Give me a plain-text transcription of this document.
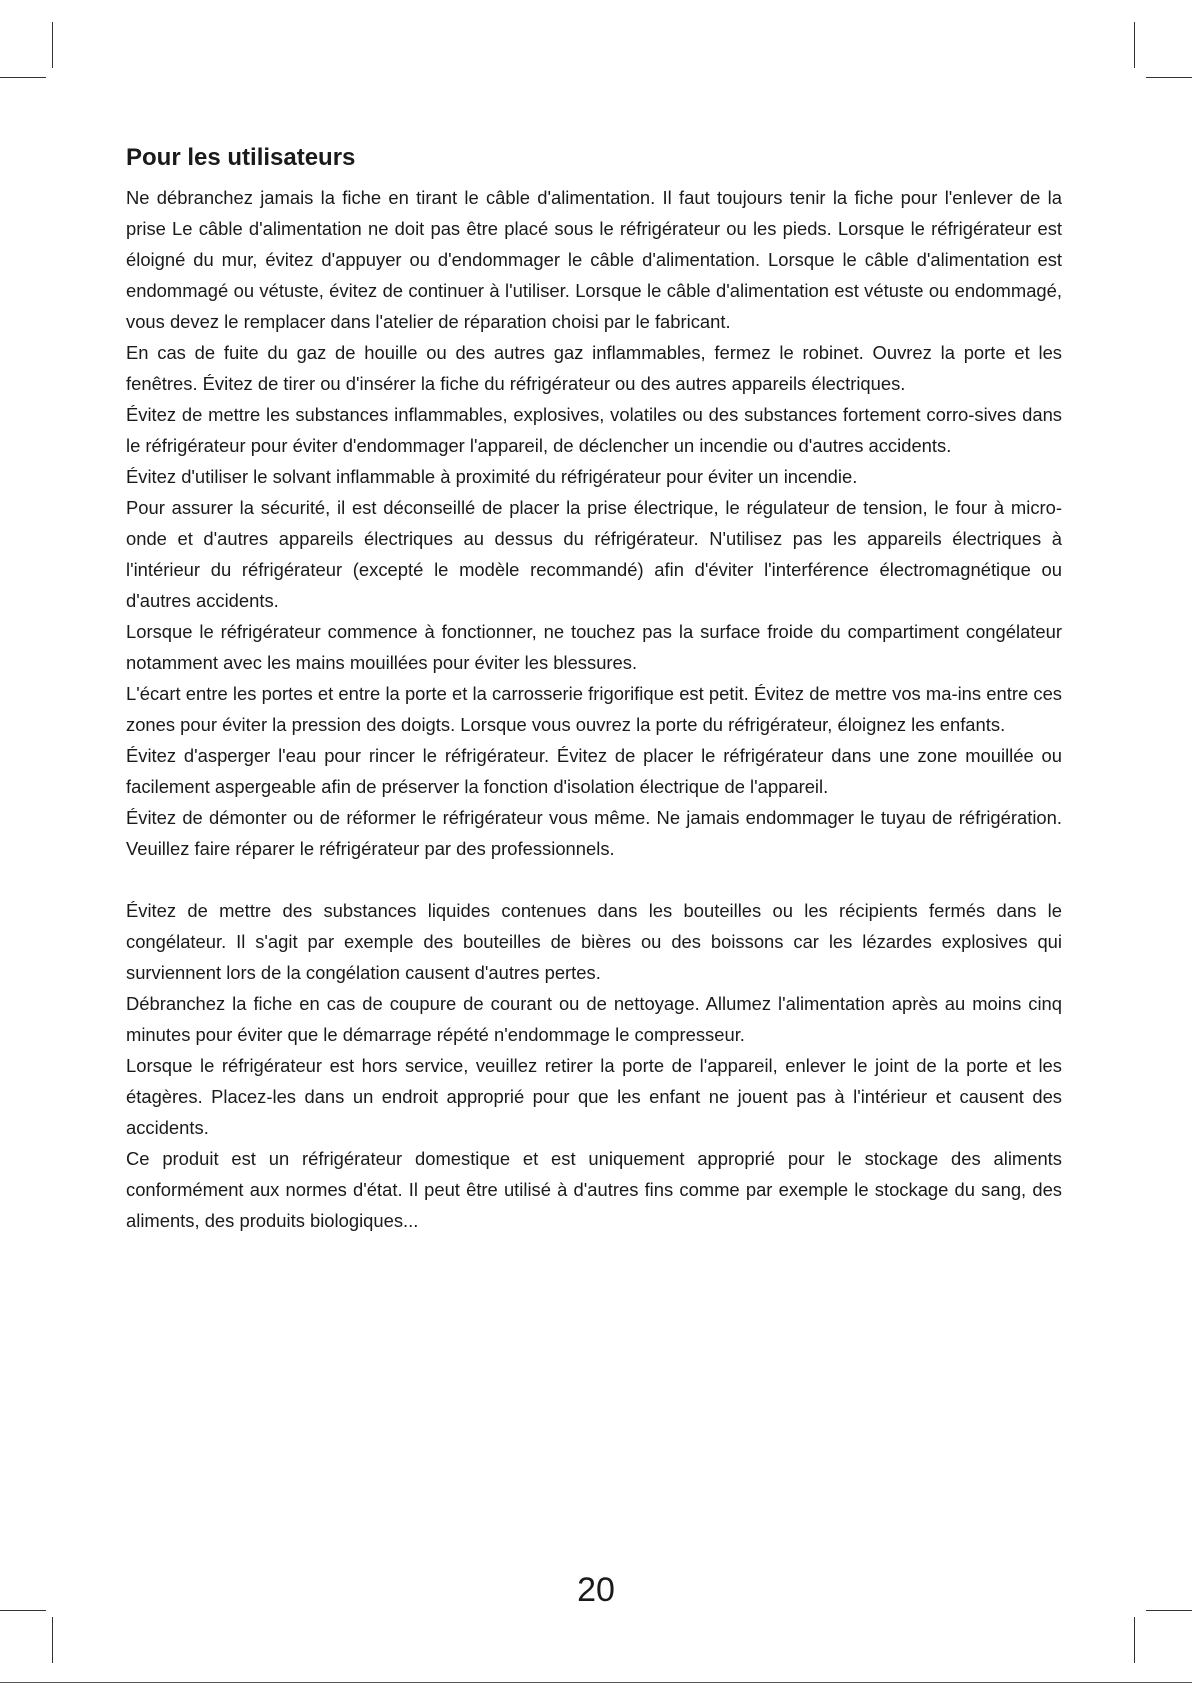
Pour les utilisateurs

Ne débranchez jamais la fiche en tirant le câble d'alimentation. Il faut toujours tenir la fiche pour l'enlever de la prise Le câble d'alimentation ne doit pas être placé sous le réfrigérateur ou les pieds. Lorsque le réfrigérateur est éloigné du mur, évitez d'appuyer ou d'endommager le câble d'alimentation. Lorsque le câble d'alimentation est endommagé ou vétuste, évitez de continuer à l'utiliser. Lorsque le câble d'alimentation est vétuste ou endommagé, vous devez le remplacer dans l'atelier de réparation choisi par le fabricant.

En cas de fuite du gaz de houille ou des autres gaz inflammables, fermez le robinet. Ouvrez la porte et les fenêtres. Évitez de tirer ou d'insérer la fiche du réfrigérateur ou des autres appareils électriques.

Évitez de mettre les substances inflammables, explosives, volatiles ou des substances fortement corro-sives dans le réfrigérateur pour éviter d'endommager l'appareil, de déclencher un incendie ou d'autres accidents.

Évitez d'utiliser le solvant inflammable à proximité du réfrigérateur pour éviter un incendie.

Pour assurer la sécurité, il est déconseillé de placer la prise électrique, le régulateur de tension, le four à micro-onde et d'autres appareils électriques au dessus du réfrigérateur. N'utilisez pas les appareils électriques à l'intérieur du réfrigérateur (excepté le modèle recommandé) afin d'éviter l'interférence électromagnétique ou d'autres accidents.

Lorsque le réfrigérateur commence à fonctionner, ne touchez pas la surface froide du compartiment congélateur notamment avec les mains mouillées pour éviter les blessures.

L'écart entre les portes et entre la porte et la carrosserie frigorifique est petit. Évitez de mettre vos ma-ins entre ces zones pour éviter la pression des doigts. Lorsque vous ouvrez la porte du réfrigérateur, éloignez les enfants.

Évitez d'asperger l'eau pour rincer le réfrigérateur. Évitez de placer le réfrigérateur dans une zone mouillée ou facilement aspergeable afin de préserver la fonction d'isolation électrique de l'appareil.

Évitez de démonter ou de réformer le réfrigérateur vous même. Ne jamais endommager le tuyau de réfrigération. Veuillez faire réparer le réfrigérateur par des professionnels.

Évitez de mettre des substances liquides contenues dans les bouteilles ou les récipients fermés dans le congélateur. Il s'agit par exemple des bouteilles de bières ou des boissons car les lézardes explosives qui surviennent lors de la congélation causent d'autres pertes.

Débranchez la fiche en cas de coupure de courant ou de nettoyage. Allumez l'alimentation après au moins cinq minutes pour éviter que le démarrage répété n'endommage le compresseur.

Lorsque le réfrigérateur est hors service, veuillez retirer la porte de l'appareil, enlever le joint de la porte et les étagères. Placez-les dans un endroit approprié pour que les enfant ne jouent pas à l'intérieur et causent des accidents.

Ce produit est un réfrigérateur domestique et est uniquement approprié pour le stockage des aliments conformément aux normes d'état. Il peut être utilisé à d'autres fins comme par exemple le stockage du sang, des aliments, des produits biologiques...

20
